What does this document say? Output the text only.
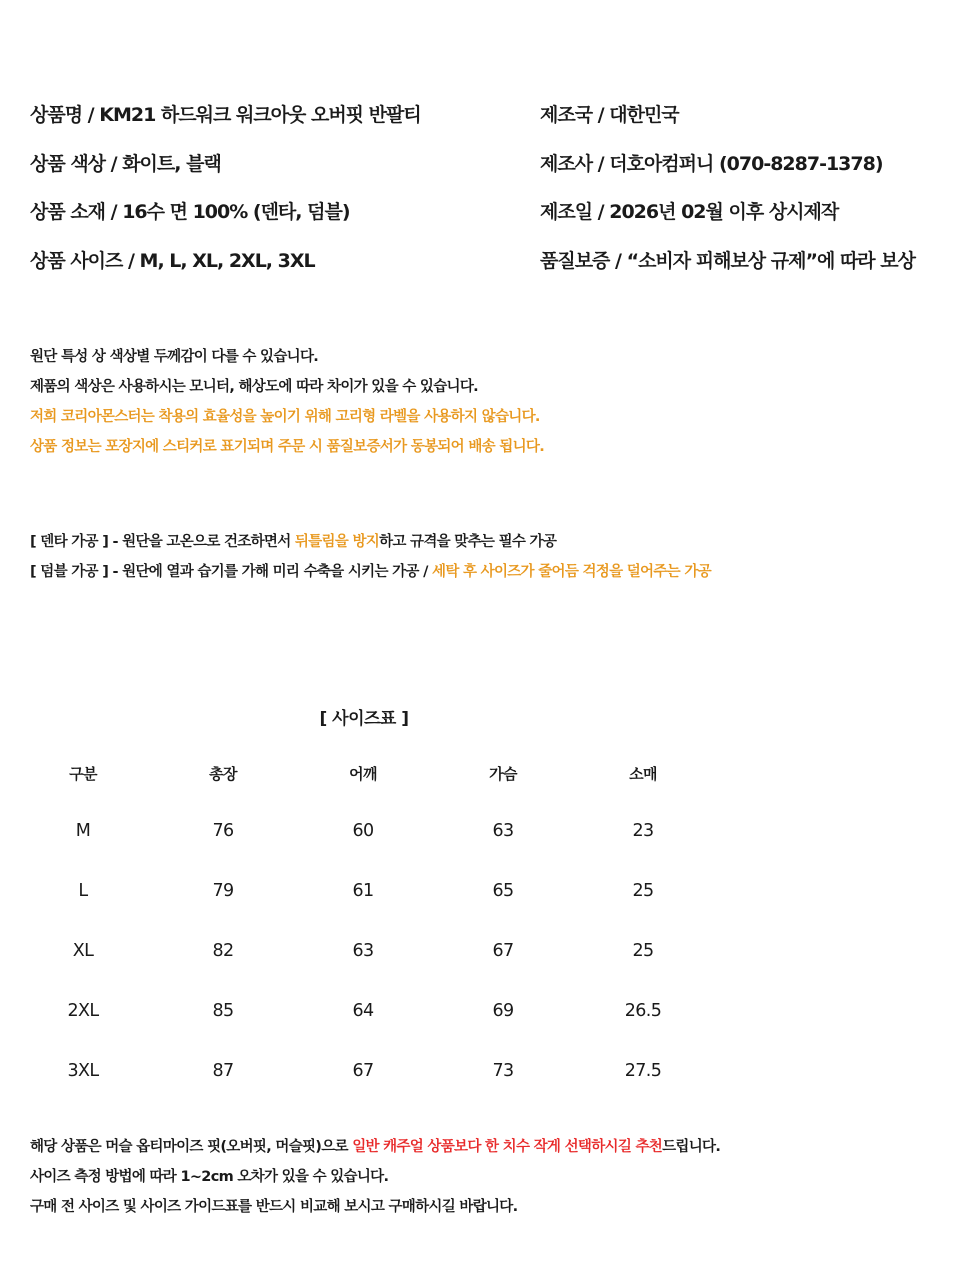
상품명 / KM21 하드워크 워크아웃 오버핏 반팔티
상품 색상 / 화이트, 블랙
상품 소재 / 16수 면 100% (덴타, 덤블)
상품 사이즈 / M, L, XL, 2XL, 3XL
제조국 / 대한민국
제조사 / 더호아컴퍼니 (070-8287-1378)
제조일 / 2026년 02월 이후 상시제작
품질보증 / “소비자 피해보상 규제”에 따라 보상
원단 특성 상 색상별 두께감이 다를 수 있습니다.
제품의 색상은 사용하시는 모니터, 해상도에 따라 차이가 있을 수 있습니다.
저희 코리아몬스터는 착용의 효율성을 높이기 위해 고리형 라벨을 사용하지 않습니다.
상품 정보는 포장지에 스티커로 표기되며 주문 시 품질보증서가 동봉되어 배송 됩니다.
[ 덴타 가공 ] - 원단을 고온으로 건조하면서 뒤틀림을 방지하고 규격을 맞추는 필수 가공
[ 덤블 가공 ] - 원단에 열과 습기를 가해 미리 수축을 시키는 가공 / 세탁 후 사이즈가 줄어듬 걱정을 덜어주는 가공
[ 사이즈표 ]
구분	총장	어깨	가슴	소매
M	76	60	63	23
L	79	61	65	25
XL	82	63	67	25
2XL	85	64	69	26.5
3XL	87	67	73	27.5
해당 상품은 머슬 옵티마이즈 핏(오버핏, 머슬핏)으로 일반 캐주얼 상품보다 한 치수 작게 선택하시길 추천드립니다.
사이즈 측정 방법에 따라 1~2cm 오차가 있을 수 있습니다.
구매 전 사이즈 및 사이즈 가이드표를 반드시 비교해 보시고 구매하시길 바랍니다.
